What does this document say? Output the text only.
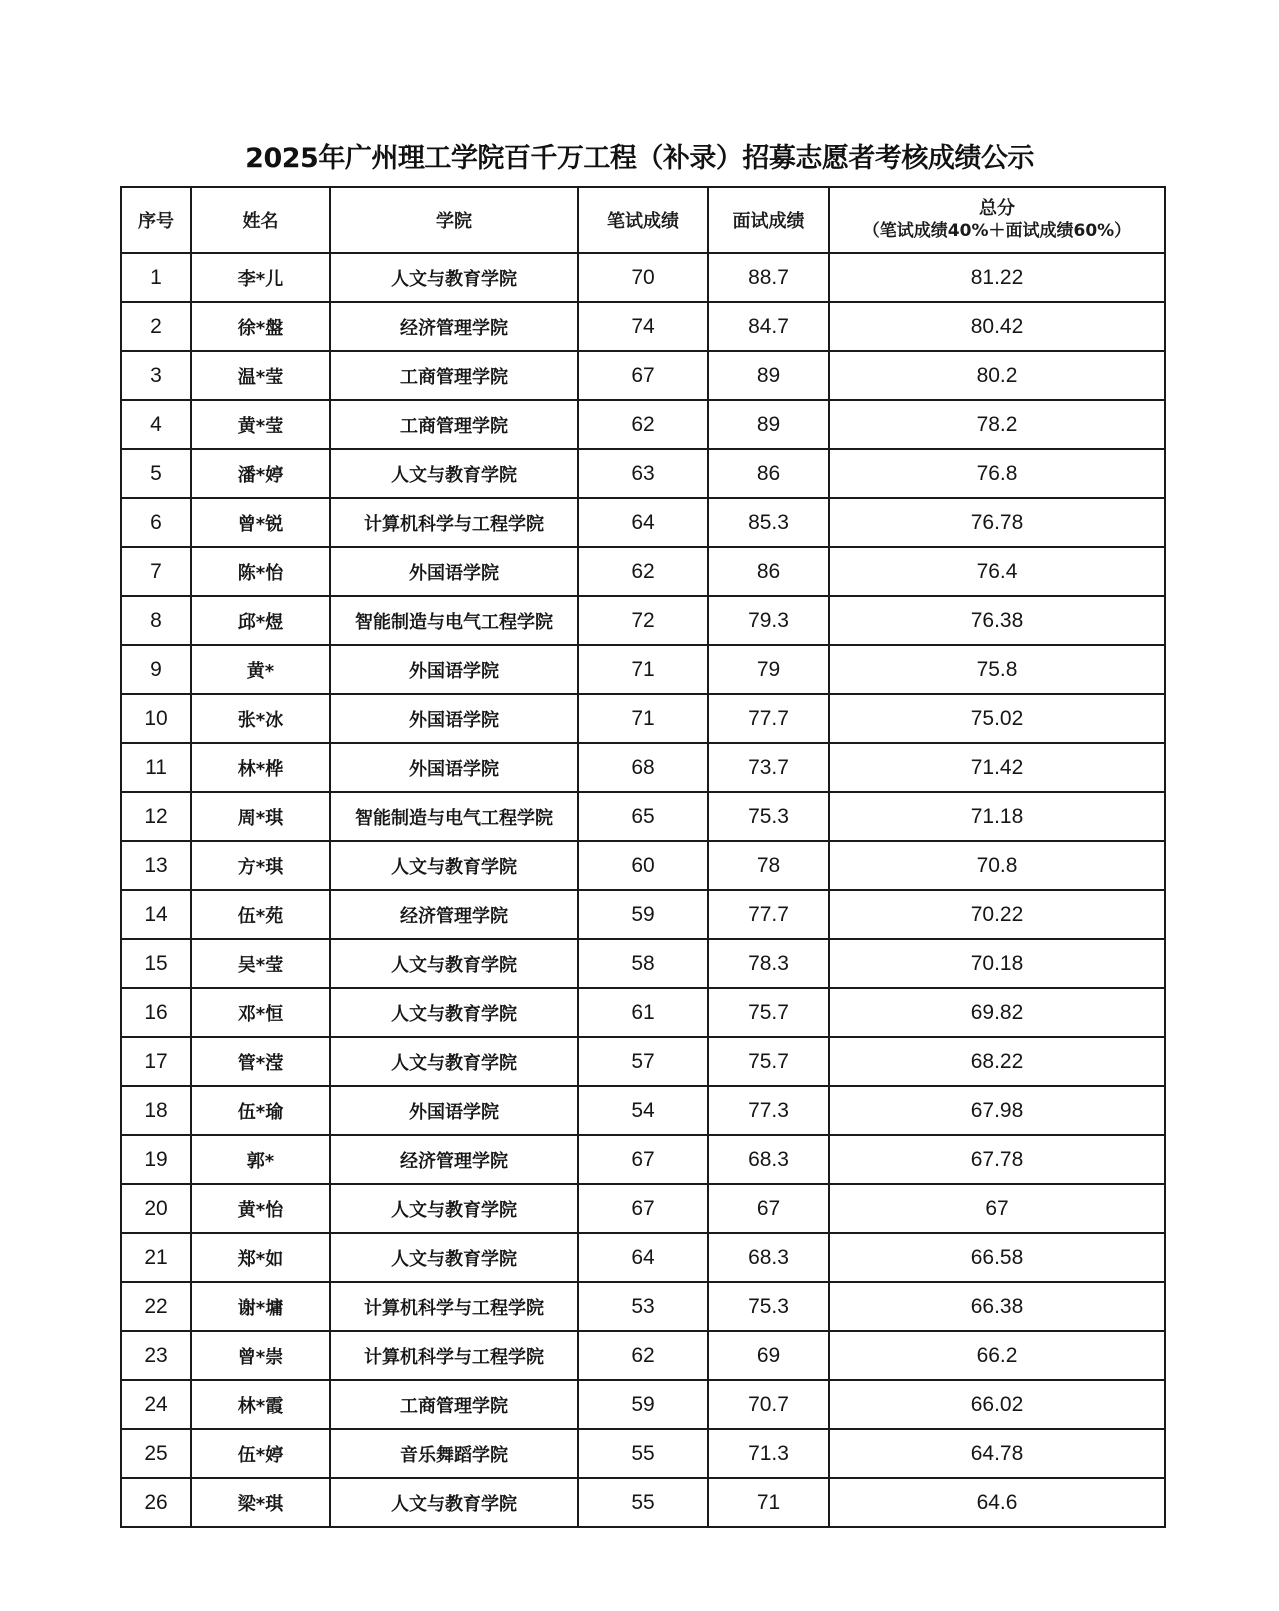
2025年广州理工学院百千万工程（补录）招募志愿者考核成绩公示
序号	姓名	学院	笔试成绩	面试成绩	总分
（笔试成绩40%＋面试成绩60%）

1	李*儿	人文与教育学院	70	88.7	81.22
2	徐*盤	经济管理学院	74	84.7	80.42
3	温*莹	工商管理学院	67	89	80.2
4	黄*莹	工商管理学院	62	89	78.2
5	潘*婷	人文与教育学院	63	86	76.8
6	曾*锐	计算机科学与工程学院	64	85.3	76.78
7	陈*怡	外国语学院	62	86	76.4
8	邱*煜	智能制造与电气工程学院	72	79.3	76.38
9	黄*	外国语学院	71	79	75.8
10	张*冰	外国语学院	71	77.7	75.02
11	林*桦	外国语学院	68	73.7	71.42
12	周*琪	智能制造与电气工程学院	65	75.3	71.18
13	方*琪	人文与教育学院	60	78	70.8
14	伍*苑	经济管理学院	59	77.7	70.22
15	吴*莹	人文与教育学院	58	78.3	70.18
16	邓*恒	人文与教育学院	61	75.7	69.82
17	管*滢	人文与教育学院	57	75.7	68.22
18	伍*瑜	外国语学院	54	77.3	67.98
19	郭*	经济管理学院	67	68.3	67.78
20	黄*怡	人文与教育学院	67	67	67
21	郑*如	人文与教育学院	64	68.3	66.58
22	谢*墉	计算机科学与工程学院	53	75.3	66.38
23	曾*崇	计算机科学与工程学院	62	69	66.2
24	林*霞	工商管理学院	59	70.7	66.02
25	伍*婷	音乐舞蹈学院	55	71.3	64.78
26	梁*琪	人文与教育学院	55	71	64.6
